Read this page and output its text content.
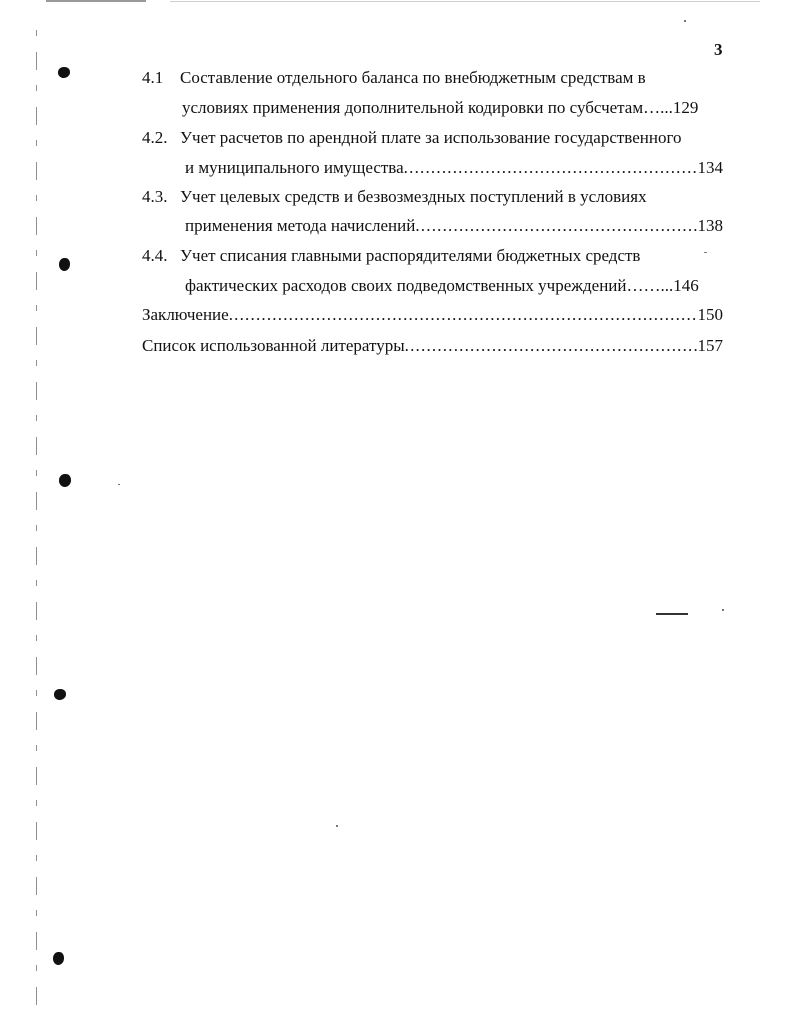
3
4.1 Составление отдельного баланса по внебюджетным средствам в
условиях применения дополнительной кодировки по субсчетам…...129
4.2. Учет расчетов по арендной плате за использование государственного
и муниципального имущества .....	134
4.3. Учет целевых средств и безвозмездных поступлений в условиях
применения метода начислений .....	138
4.4. Учет списания главными распорядителями бюджетных средств
фактических расходов своих подведомственных учреждений……...146
Заключение .....	150
Список использованной литературы .....	157
